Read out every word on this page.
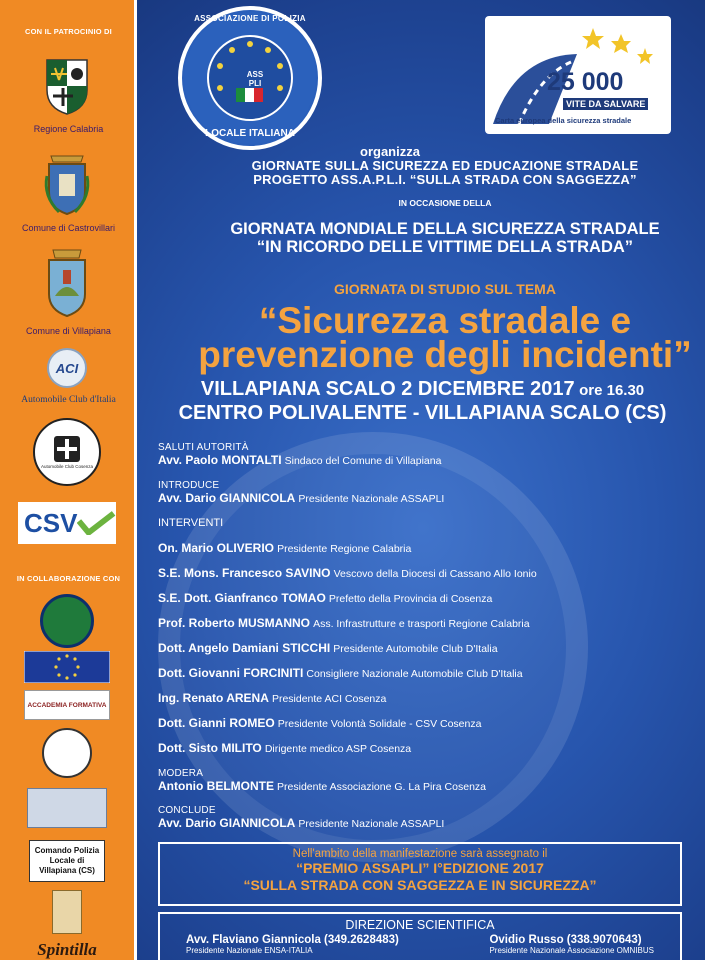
CON IL PATROCINIO DI
Regione Calabria
Comune di Castrovillari
Comune di Villapiana
ACI
Automobile Club d'Italia
Automobile Club Cosenza
CSV
IN COLLABORAZIONE CON
ACCADEMIA FORMATIVA
Comando Polizia Locale di Villapiana (CS)
Spintilla
ASS PLI
ASSOCIAZIONE DI POLIZIA
LOCALE ITALIANA
25 000
VITE DA SALVARE
Carta europea della sicurezza stradale
organizza
GIORNATE SULLA SICUREZZA ED EDUCAZIONE STRADALE
PROGETTO ASS.A.P.L.I. “SULLA STRADA CON SAGGEZZA”
IN OCCASIONE DELLA
GIORNATA MONDIALE DELLA SICUREZZA STRADALE
“IN RICORDO DELLE VITTIME DELLA STRADA”
GIORNATA DI STUDIO SUL TEMA
“Sicurezza stradale e
prevenzione degli incidenti”
VILLAPIANA SCALO 2 DICEMBRE 2017 ore 16.30
CENTRO POLIVALENTE - VILLAPIANA SCALO (CS)
SALUTI AUTORITÀ
Avv. Paolo MONTALTI Sindaco del Comune di Villapiana
INTRODUCE
Avv. Dario GIANNICOLA Presidente Nazionale ASSAPLI
INTERVENTI
On. Mario OLIVERIO Presidente Regione Calabria
S.E. Mons. Francesco SAVINO Vescovo della Diocesi di Cassano Allo Ionio
S.E. Dott. Gianfranco TOMAO Prefetto della Provincia di Cosenza
Prof. Roberto MUSMANNO Ass. Infrastrutture e trasporti Regione Calabria
Dott. Angelo Damiani STICCHI Presidente Automobile Club D'Italia
Dott. Giovanni FORCINITI Consigliere Nazionale Automobile Club D'Italia
Ing. Renato ARENA Presidente ACI Cosenza
Dott. Gianni ROMEO Presidente Volontà Solidale - CSV Cosenza
Dott. Sisto MILITO Dirigente medico ASP Cosenza
MODERA
Antonio BELMONTE Presidente Associazione G. La Pira Cosenza
CONCLUDE
Avv. Dario GIANNICOLA Presidente Nazionale ASSAPLI
Nell'ambito della manifestazione sarà assegnato il
“PREMIO ASSAPLI” I°EDIZIONE 2017
“SULLA STRADA CON SAGGEZZA E IN SICUREZZA”
DIREZIONE SCIENTIFICA
Avv. Flaviano Giannicola (349.2628483)
Presidente Nazionale ENSA-ITALIA
Ovidio Russo (338.9070643)
Presidente Nazionale Associazione OMNIBUS
